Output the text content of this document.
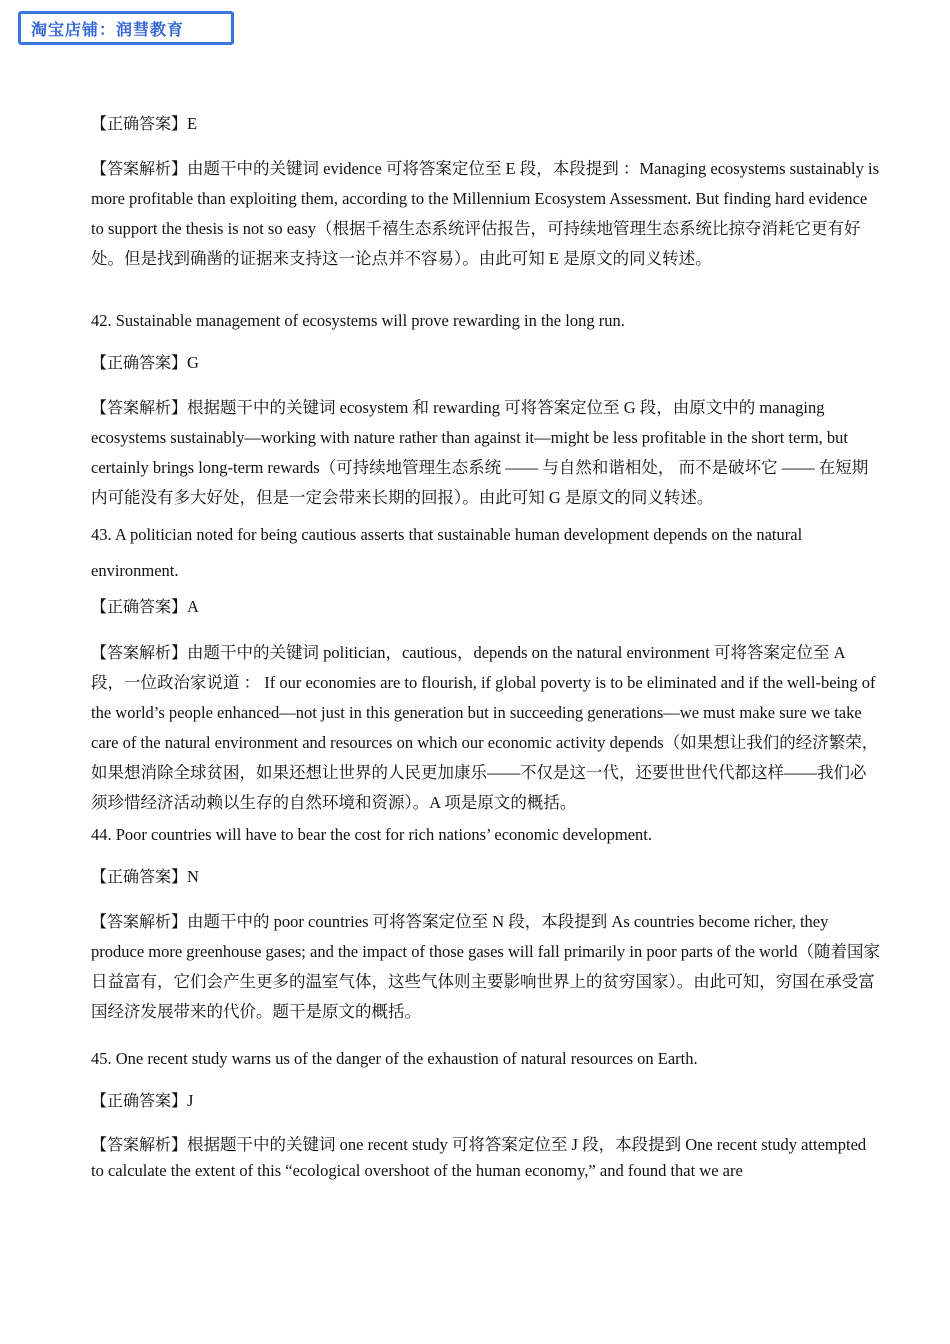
淘宝店铺：润彗教育

【正确答案】E

【答案解析】由题干中的关键词 evidence 可将答案定位至 E 段，本段提到 ：Managing ecosystems sustainably is more profitable than exploiting them, according to the Millennium Ecosystem Assessment. But finding hard evidence to support the thesis is not so easy（根据千禧生态系统评估报告，可持续地管理生态系统比掠夺消耗它更有好处。但是找到确凿的证据来支持这一论点并不容易）。由此可知 E 是原文的同义转述。

42. Sustainable management of ecosystems will prove rewarding in the long run.

【正确答案】G

【答案解析】根据题干中的关键词 ecosystem 和 rewarding 可将答案定位至 G 段，由原文中的 managing ecosystems sustainably—working with nature rather than against it—might be less profitable in the short term, but certainly brings long-term rewards（可持续地管理生态系统 —— 与自然和谐相处， 而不是破坏它 —— 在短期内可能没有多大好处，但是一定会带来长期的回报）。由此可知 G 是原文的同义转述。

43. A politician noted for being cautious asserts that sustainable human development depends on the natural environment.

【正确答案】A

【答案解析】由题干中的关键词 politician，cautious，depends on the natural environment 可将答案定位至 A 段，一位政治家说道 ： If our economies are to flourish, if global poverty is to be eliminated and if the well-being of the world’s people enhanced—not just in this generation but in succeeding generations—we must make sure we take care of the natural environment and resources on which our economic activity depends（如果想让我们的经济繁荣，如果想消除全球贫困，如果还想让世界的人民更加康乐——不仅是这一代，还要世世代代都这样——我们必须珍惜经济活动赖以生存的自然环境和资源）。A 项是原文的概括。

44. Poor countries will have to bear the cost for rich nations’ economic development.

【正确答案】N

【答案解析】由题干中的 poor countries 可将答案定位至 N 段，本段提到 As countries become richer, they produce more greenhouse gases; and the impact of those gases will fall primarily in poor parts of the world（随着国家日益富有，它们会产生更多的温室气体，这些气体则主要影响世界上的贫穷国家）。由此可知，穷国在承受富国经济发展带来的代价。题干是原文的概括。

45. One recent study warns us of the danger of the exhaustion of natural resources on Earth.

【正确答案】J

【答案解析】根据题干中的关键词 one recent study 可将答案定位至 J 段，本段提到 One recent study attempted to calculate the extent of this “ecological overshoot of the human economy,” and found that we are
